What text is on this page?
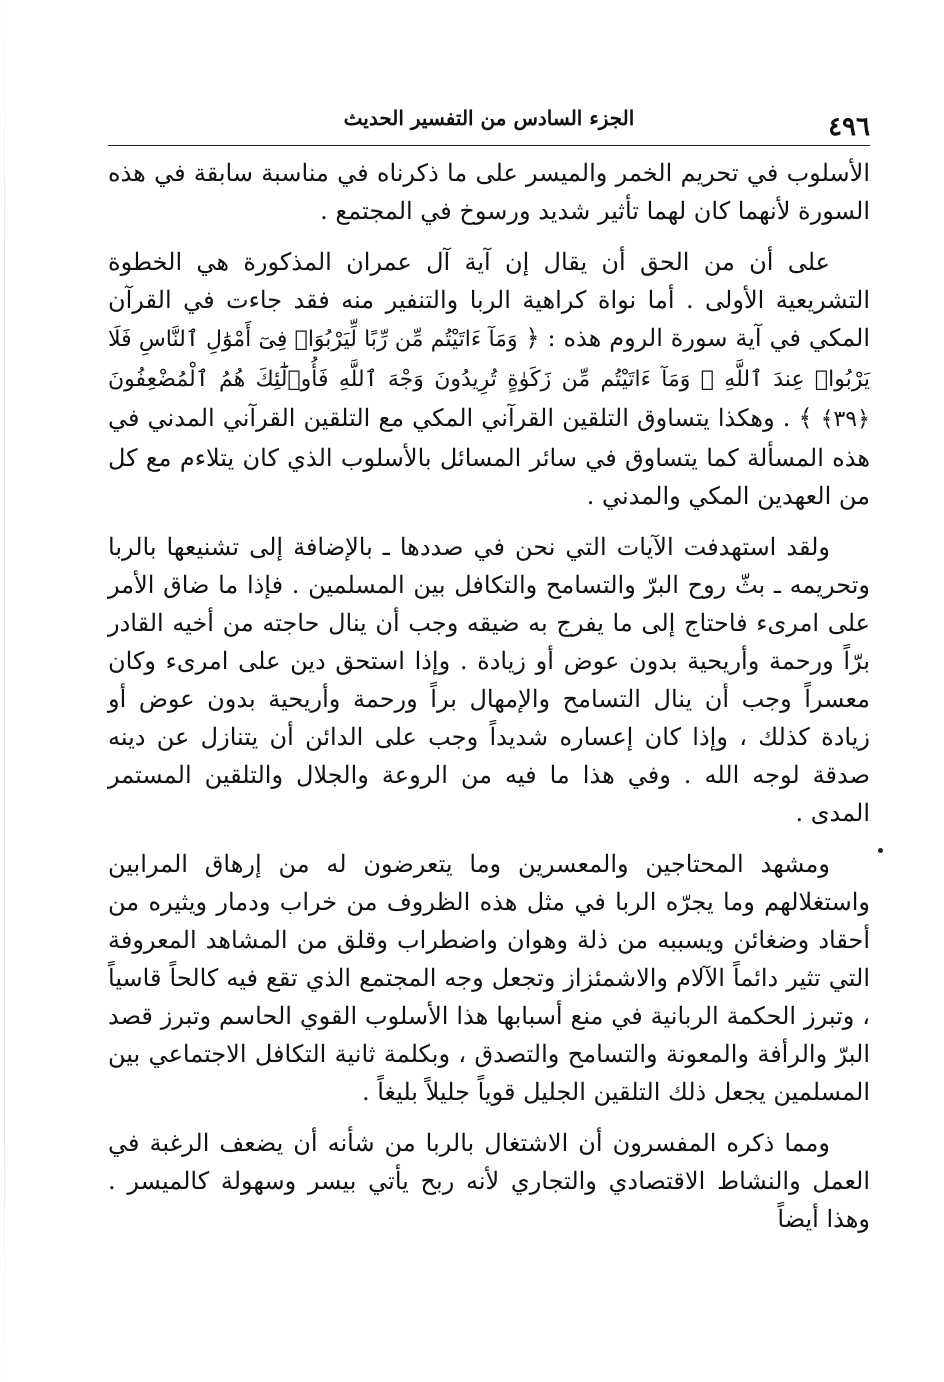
٤٩٦
الجزء السادس من التفسير الحديث

الأسلوب في تحريم الخمر والميسر على ما ذكرناه في مناسبة سابقة في هذه السورة لأنهما كان لهما تأثير شديد ورسوخ في المجتمع .

على أن من الحق أن يقال إن آية آل عمران المذكورة هي الخطوة التشريعية الأولى . أما نواة كراهية الربا والتنفير منه فقد جاءت في القرآن المكي في آية سورة الروم هذه : ﴿ وَمَآ ءَاتَيْتُم مِّن رِّبًا لِّيَرْبُوَا۟ فِىٓ أَمْوَٰلِ ٱلنَّاسِ فَلَا يَرْبُوا۟ عِندَ ٱللَّهِ ۖ وَمَآ ءَاتَيْتُم مِّن زَكَوٰةٍ تُرِيدُونَ وَجْهَ ٱللَّهِ فَأُو۟لَٰٓئِكَ هُمُ ٱلْمُضْعِفُونَ ﴿٣٩﴾ ﴾ . وهكذا يتساوق التلقين القرآني المكي مع التلقين القرآني المدني في هذه المسألة كما يتساوق في سائر المسائل بالأسلوب الذي كان يتلاءم مع كل من العهدين المكي والمدني .

ولقد استهدفت الآيات التي نحن في صددها ـ بالإضافة إلى تشنيعها بالربا وتحريمه ـ بثّ روح البرّ والتسامح والتكافل بين المسلمين . فإذا ما ضاق الأمر على امرىء فاحتاج إلى ما يفرج به ضيقه وجب أن ينال حاجته من أخيه القادر برّاً ورحمة وأريحية بدون عوض أو زيادة . وإذا استحق دين على امرىء وكان معسراً وجب أن ينال التسامح والإمهال براً ورحمة وأريحية بدون عوض أو زيادة كذلك ، وإذا كان إعساره شديداً وجب على الدائن أن يتنازل عن دينه صدقة لوجه الله . وفي هذا ما فيه من الروعة والجلال والتلقين المستمر المدى .

ومشهد المحتاجين والمعسرين وما يتعرضون له من إرهاق المرابين واستغلالهم وما يجرّه الربا في مثل هذه الظروف من خراب ودمار ويثيره من أحقاد وضغائن ويسببه من ذلة وهوان واضطراب وقلق من المشاهد المعروفة التي تثير دائماً الآلام والاشمئزاز وتجعل وجه المجتمع الذي تقع فيه كالحاً قاسياً ، وتبرز الحكمة الربانية في منع أسبابها هذا الأسلوب القوي الحاسم وتبرز قصد البرّ والرأفة والمعونة والتسامح والتصدق ، وبكلمة ثانية التكافل الاجتماعي بين المسلمين يجعل ذلك التلقين الجليل قوياً جليلاً بليغاً .

ومما ذكره المفسرون أن الاشتغال بالربا من شأنه أن يضعف الرغبة في العمل والنشاط الاقتصادي والتجاري لأنه ربح يأتي بيسر وسهولة كالميسر . وهذا أيضاً
